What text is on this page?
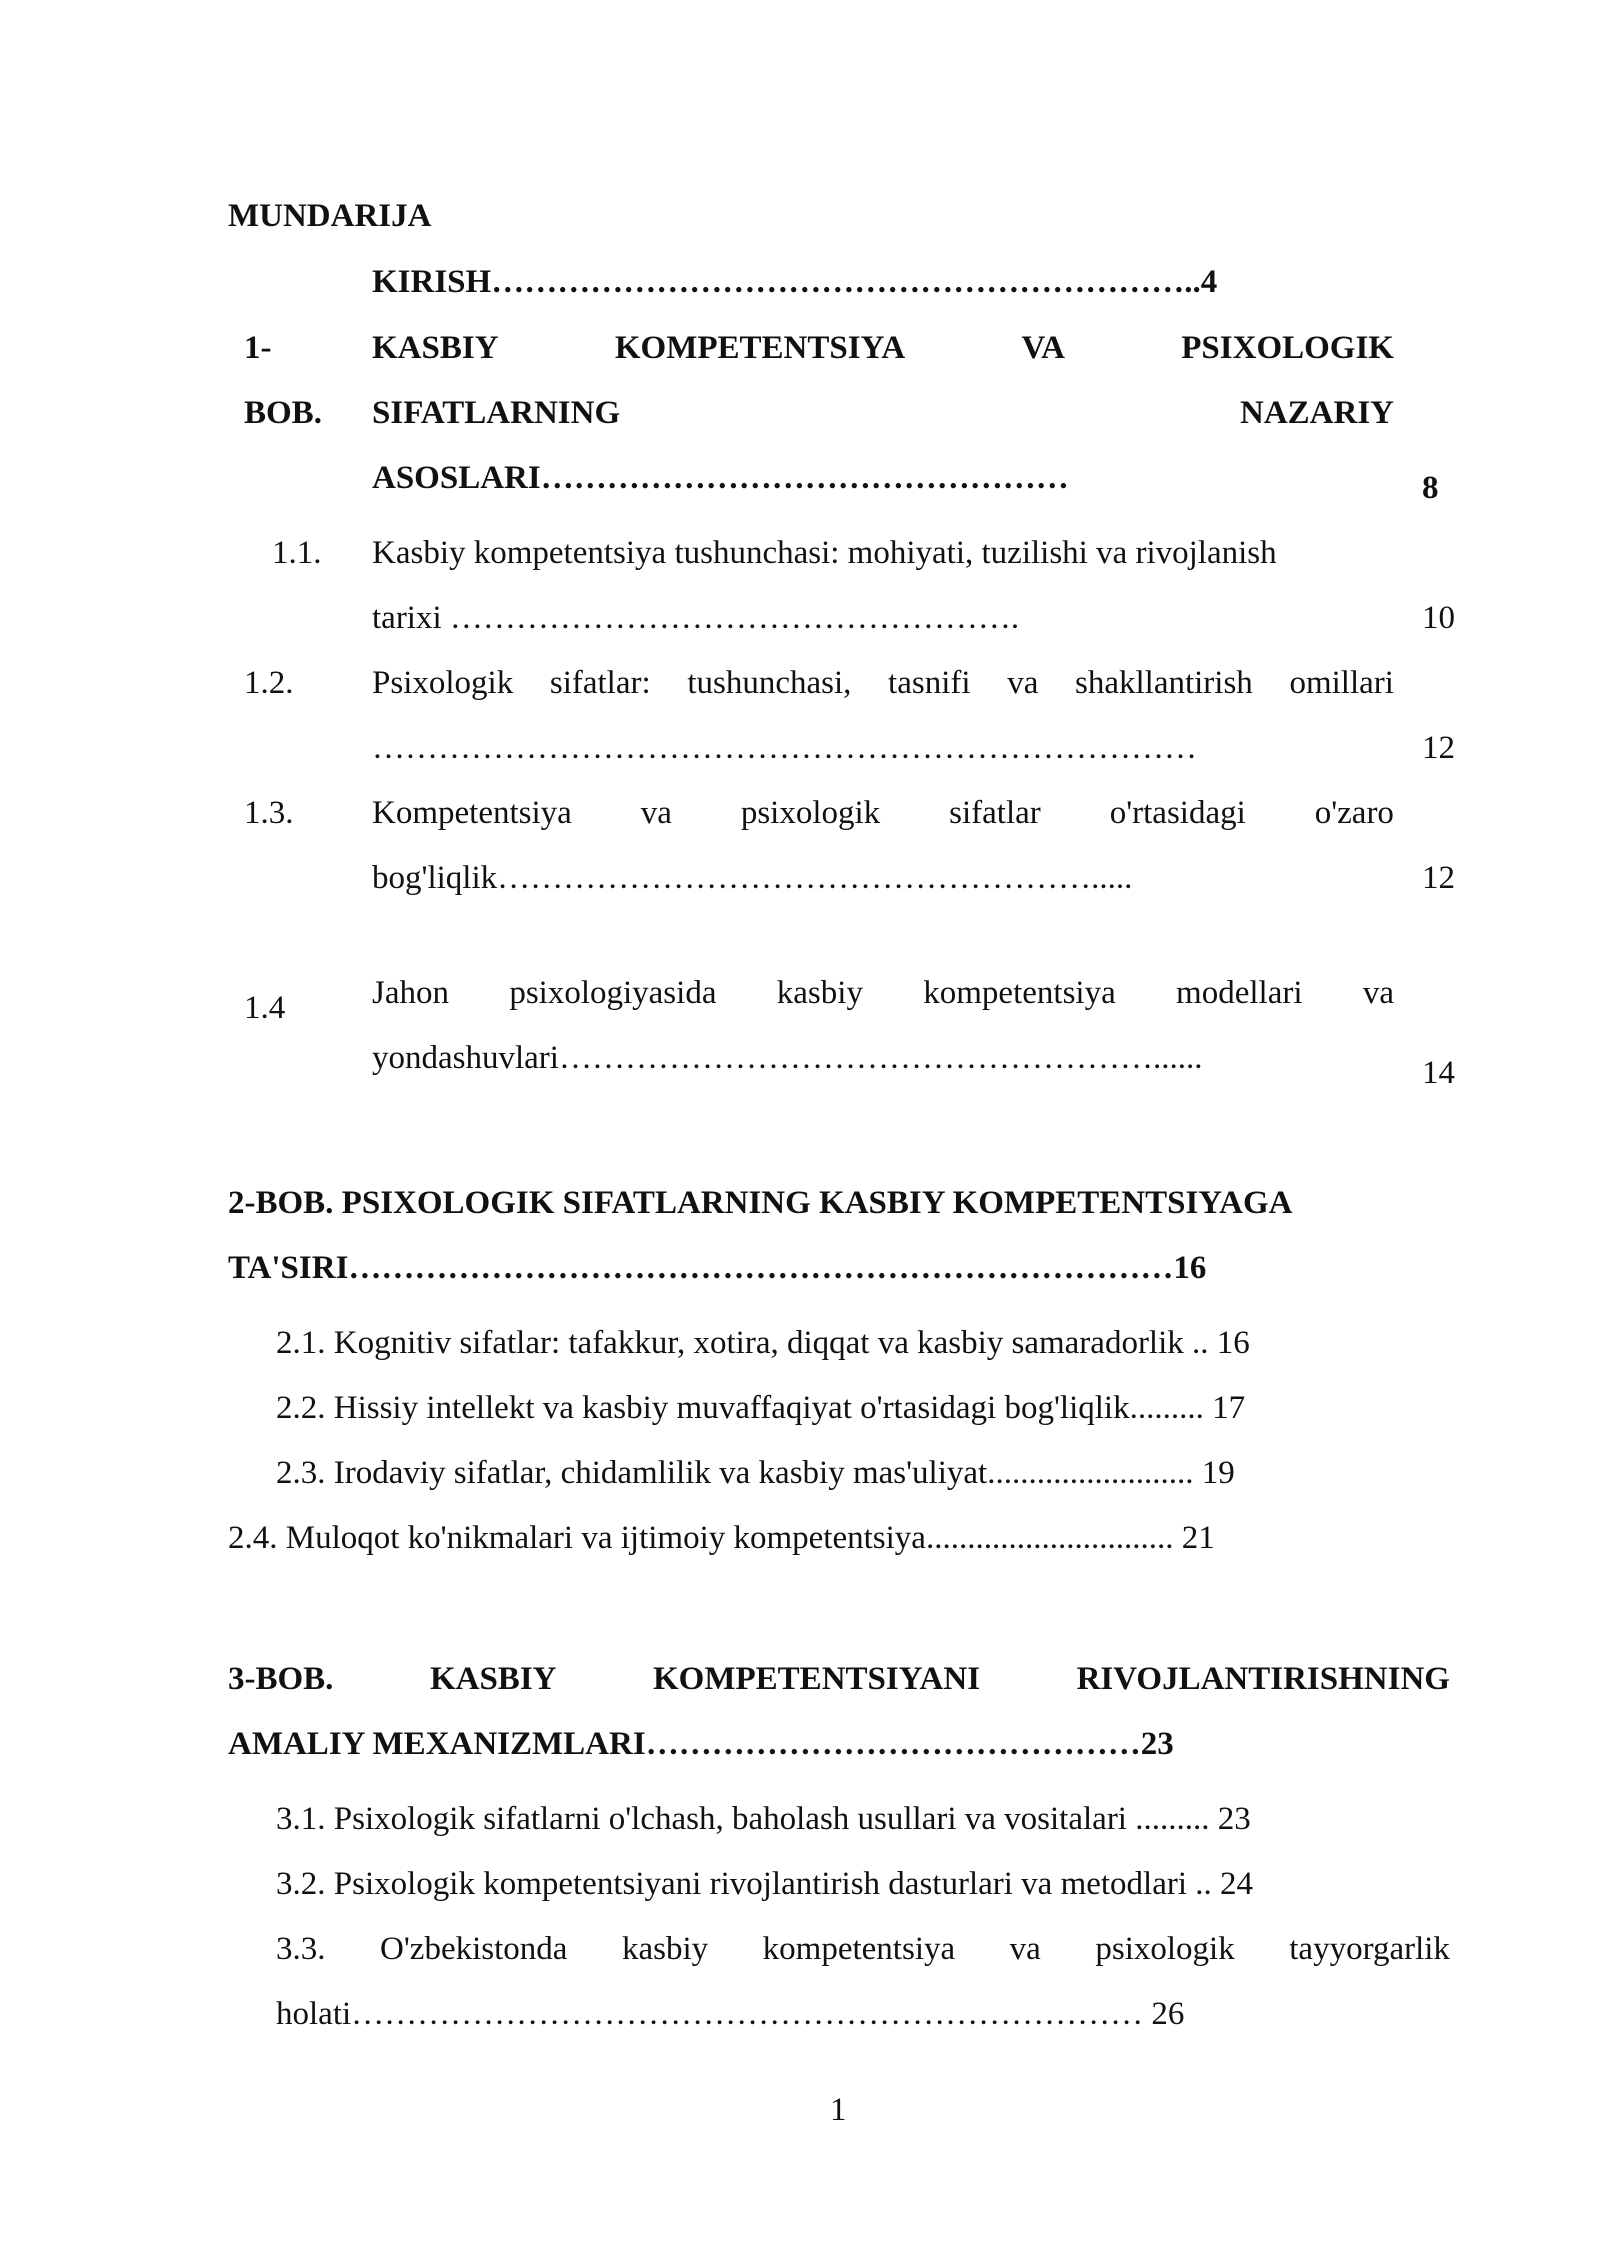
MUNDARIJA
KIRISH………………………………………………………..4
1-
BOB.
KASBIY	KOMPETENTSIYA	VA	PSIXOLOGIK
SIFATLARNING	NAZARIY
ASOSLARI…………………………………………	8
1.1. Kasbiy kompetentsiya tushunchasi: mohiyati, tuzilishi va rivojlanish
tarixi …………………………………………….	10
1.2. Psixologik sifatlar: tushunchasi, tasnifi va shakllantirish omillari
…………………………………………………………………	12
1.3. Kompetentsiya va psixologik sifatlar o'rtasidagi o'zaro
bog'liqlik……………………………………………….....	12
1.4	Jahon psixologiyasida kasbiy kompetentsiya modellari va
yondashuvlari………………………………………………......	14
2-BOB. PSIXOLOGIK SIFATLARNING KASBIY KOMPETENTSIYAGA
TA'SIRI…………………………………………………………………16
2.1. Kognitiv sifatlar: tafakkur, xotira, diqqat va kasbiy samaradorlik .. 16
2.2. Hissiy intellekt va kasbiy muvaffaqiyat o'rtasidagi bog'liqlik......... 17
2.3. Irodaviy sifatlar, chidamlilik va kasbiy mas'uliyat......................... 19
2.4. Muloqot ko'nikmalari va ijtimoiy kompetentsiya.............................. 21
3-BOB.	KASBIY	KOMPETENTSIYANI	RIVOJLANTIRISHNING
AMALIY MEXANIZMLARI………………………………………23
3.1. Psixologik sifatlarni o'lchash, baholash usullari va vositalari ......... 23
3.2. Psixologik kompetentsiyani rivojlantirish dasturlari va metodlari .. 24
3.3. O'zbekistonda kasbiy kompetentsiya va psixologik tayyorgarlik
holati……………………………………………………………… 26
1
